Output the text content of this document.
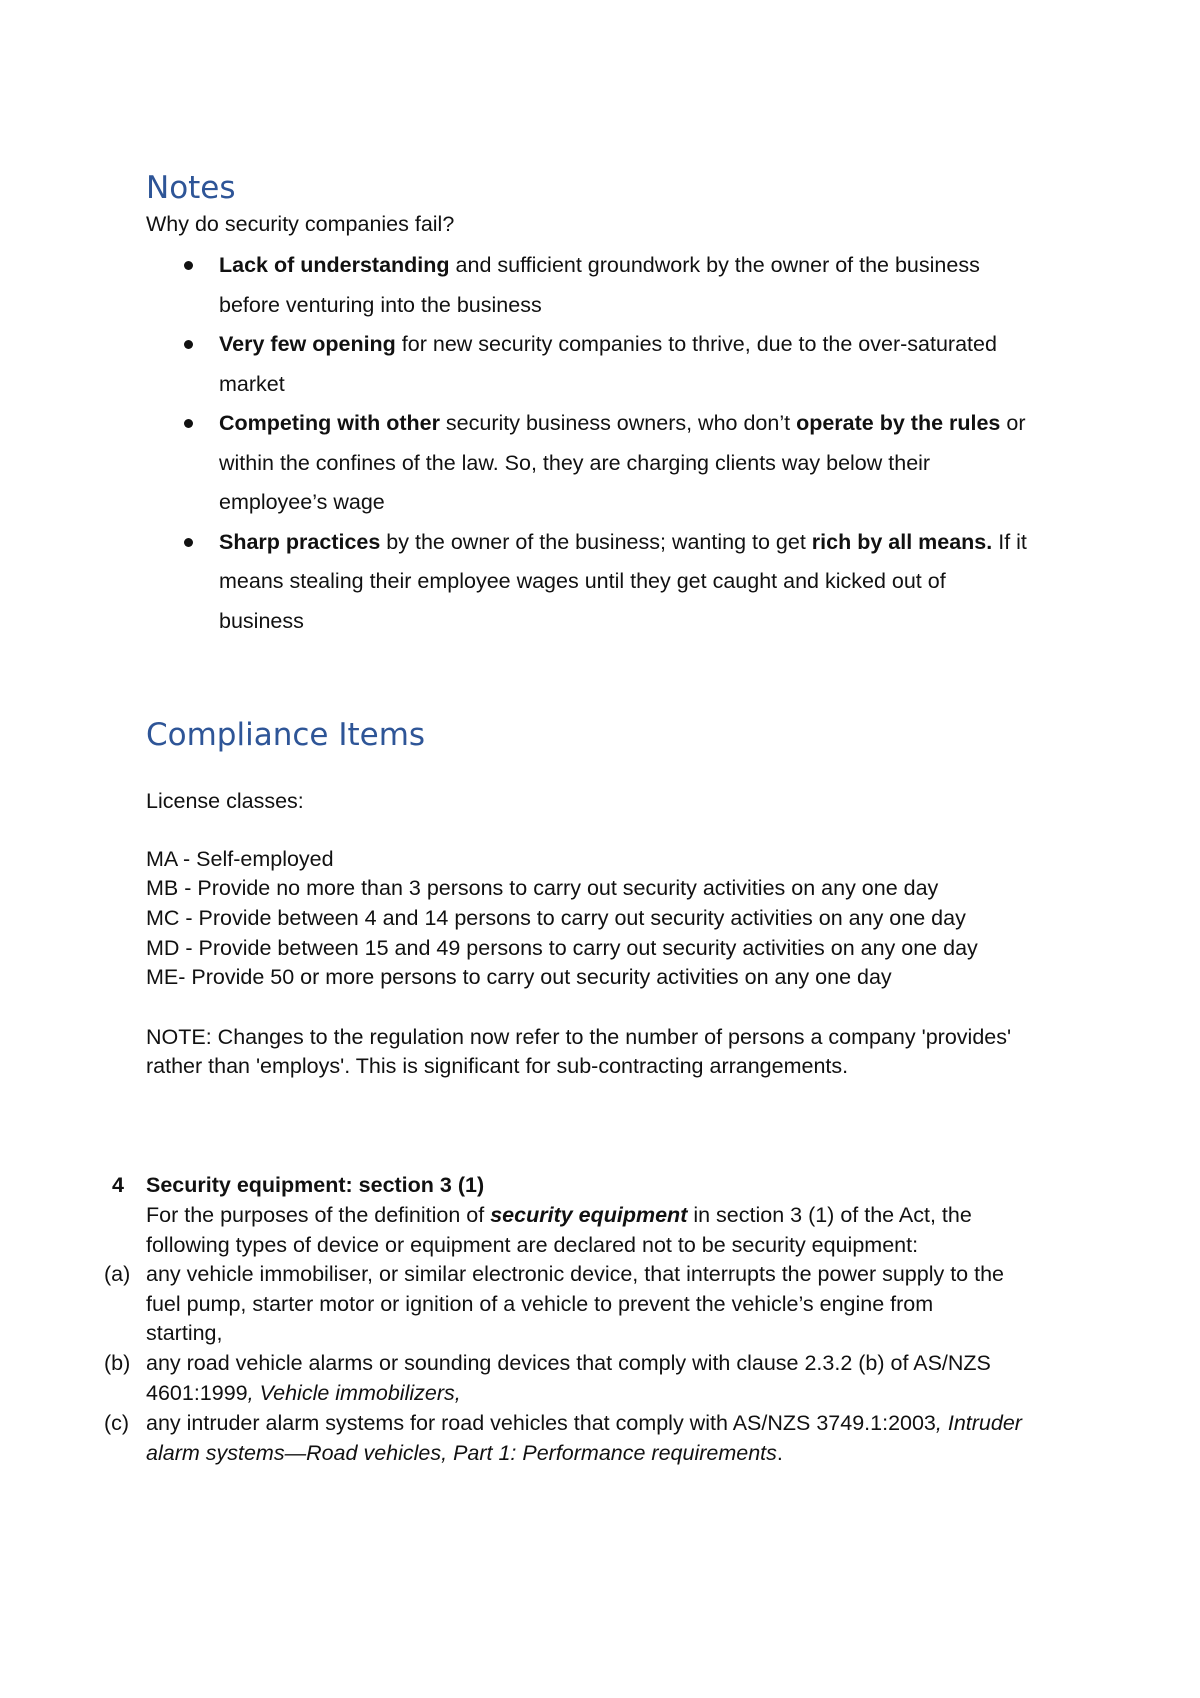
Notes
Why do security companies fail?
Lack of understanding and sufficient groundwork by the owner of the business
before venturing into the business
Very few opening for new security companies to thrive, due to the over-saturated
market
Competing with other security business owners, who don’t operate by the rules or
within the confines of the law. So, they are charging clients way below their
employee’s wage
Sharp practices by the owner of the business; wanting to get rich by all means. If it
means stealing their employee wages until they get caught and kicked out of
business
Compliance Items
License classes:
MA - Self-employed
MB - Provide no more than 3 persons to carry out security activities on any one day
MC - Provide between 4 and 14 persons to carry out security activities on any one day
MD - Provide between 15 and 49 persons to carry out security activities on any one day
ME- Provide 50 or more persons to carry out security activities on any one day
NOTE: Changes to the regulation now refer to the number of persons a company 'provides'
rather than 'employs'. This is significant for sub-contracting arrangements.
4 Security equipment: section 3 (1)
For the purposes of the definition of security equipment in section 3 (1) of the Act, the
following types of device or equipment are declared not to be security equipment:
(a) any vehicle immobiliser, or similar electronic device, that interrupts the power supply to the
fuel pump, starter motor or ignition of a vehicle to prevent the vehicle’s engine from
starting,
(b) any road vehicle alarms or sounding devices that comply with clause 2.3.2 (b) of AS/NZS
4601:1999, Vehicle immobilizers,
(c) any intruder alarm systems for road vehicles that comply with AS/NZS 3749.1:2003, Intruder
alarm systems—Road vehicles, Part 1: Performance requirements.
